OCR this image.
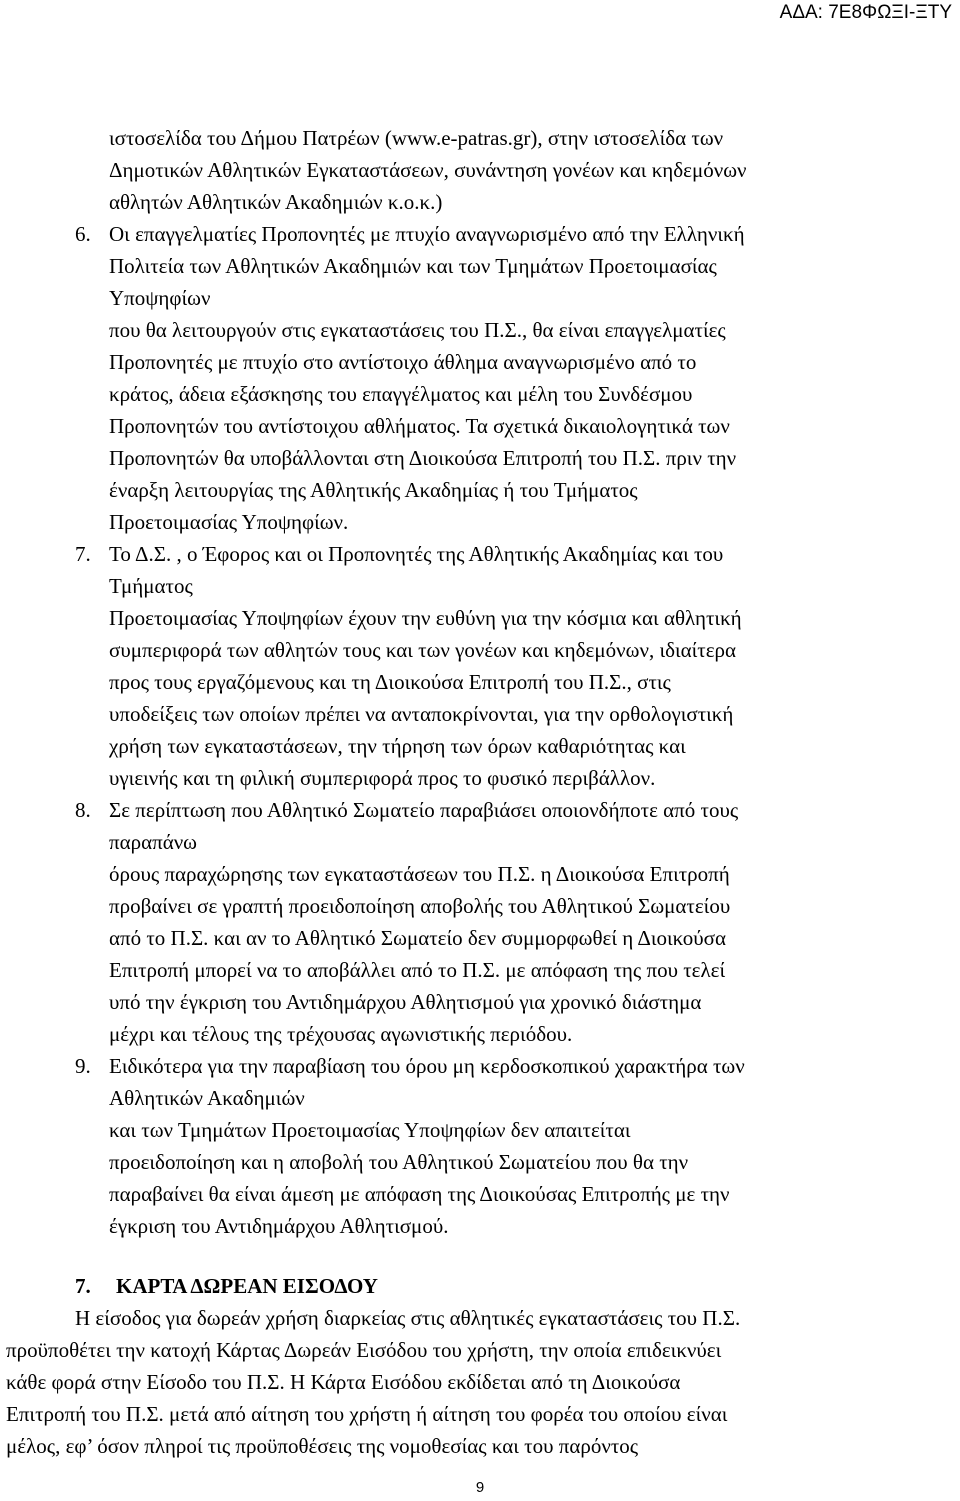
ΑΔΑ: 7Ε8ΦΩΞΙ-ΞΤΥ
ιστοσελίδα του Δήμου Πατρέων (www.e-patras.gr), στην ιστοσελίδα των
Δημοτικών Αθλητικών Εγκαταστάσεων, συνάντηση γονέων και κηδεμόνων
αθλητών Αθλητικών Ακαδημιών κ.ο.κ.)
6. Οι επαγγελματίες Προπονητές με πτυχίο αναγνωρισμένο από την Ελληνική
Πολιτεία των Αθλητικών Ακαδημιών και των Τμημάτων Προετοιμασίας
Υποψηφίων
που θα λειτουργούν στις εγκαταστάσεις του Π.Σ., θα είναι επαγγελματίες
Προπονητές με πτυχίο στο αντίστοιχο άθλημα αναγνωρισμένο από το
κράτος, άδεια εξάσκησης του επαγγέλματος και μέλη του Συνδέσμου
Προπονητών του αντίστοιχου αθλήματος. Τα σχετικά δικαιολογητικά των
Προπονητών θα υποβάλλονται στη Διοικούσα Επιτροπή του Π.Σ. πριν την
έναρξη λειτουργίας της Αθλητικής Ακαδημίας ή του Τμήματος
Προετοιμασίας Υποψηφίων.
7. Το Δ.Σ. , ο Έφορος και οι Προπονητές της Αθλητικής Ακαδημίας και του
Τμήματος
Προετοιμασίας Υποψηφίων έχουν την ευθύνη για την κόσμια και αθλητική
συμπεριφορά των αθλητών τους και των γονέων και κηδεμόνων, ιδιαίτερα
προς τους εργαζόμενους και τη Διοικούσα Επιτροπή του Π.Σ., στις
υποδείξεις των οποίων πρέπει να ανταποκρίνονται, για την ορθολογιστική
χρήση των εγκαταστάσεων, την τήρηση των όρων καθαριότητας και
υγιεινής και τη φιλική συμπεριφορά προς το φυσικό περιβάλλον.
8. Σε περίπτωση που Αθλητικό Σωματείο παραβιάσει οποιονδήποτε από τους
παραπάνω
όρους παραχώρησης των εγκαταστάσεων του Π.Σ. η Διοικούσα Επιτροπή
προβαίνει σε γραπτή προειδοποίηση αποβολής του Αθλητικού Σωματείου
από το Π.Σ. και αν το Αθλητικό Σωματείο δεν συμμορφωθεί η Διοικούσα
Επιτροπή μπορεί να το αποβάλλει από το Π.Σ. με απόφαση της που τελεί
υπό την έγκριση του Αντιδημάρχου Αθλητισμού για χρονικό διάστημα
μέχρι και τέλους της τρέχουσας αγωνιστικής περιόδου.
9. Ειδικότερα για την παραβίαση του όρου μη κερδοσκοπικού χαρακτήρα των
Αθλητικών Ακαδημιών
και των Τμημάτων Προετοιμασίας Υποψηφίων δεν απαιτείται
προειδοποίηση και η αποβολή του Αθλητικού Σωματείου που θα την
παραβαίνει θα είναι άμεση με απόφαση της Διοικούσας Επιτροπής με την
έγκριση του Αντιδημάρχου Αθλητισμού.
7. ΚΑΡΤΑ ΔΩΡΕΑΝ ΕΙΣΟΔΟΥ
Η είσοδος για δωρεάν χρήση διαρκείας στις αθλητικές εγκαταστάσεις του Π.Σ.
προϋποθέτει την κατοχή Κάρτας Δωρεάν Εισόδου του χρήστη, την οποία επιδεικνύει
κάθε φορά στην Είσοδο του Π.Σ. Η Κάρτα Εισόδου εκδίδεται από τη Διοικούσα
Επιτροπή του Π.Σ. μετά από αίτηση του χρήστη ή αίτηση του φορέα του οποίου είναι
μέλος, εφ’ όσον πληροί τις προϋποθέσεις της νομοθεσίας και του παρόντος
9
